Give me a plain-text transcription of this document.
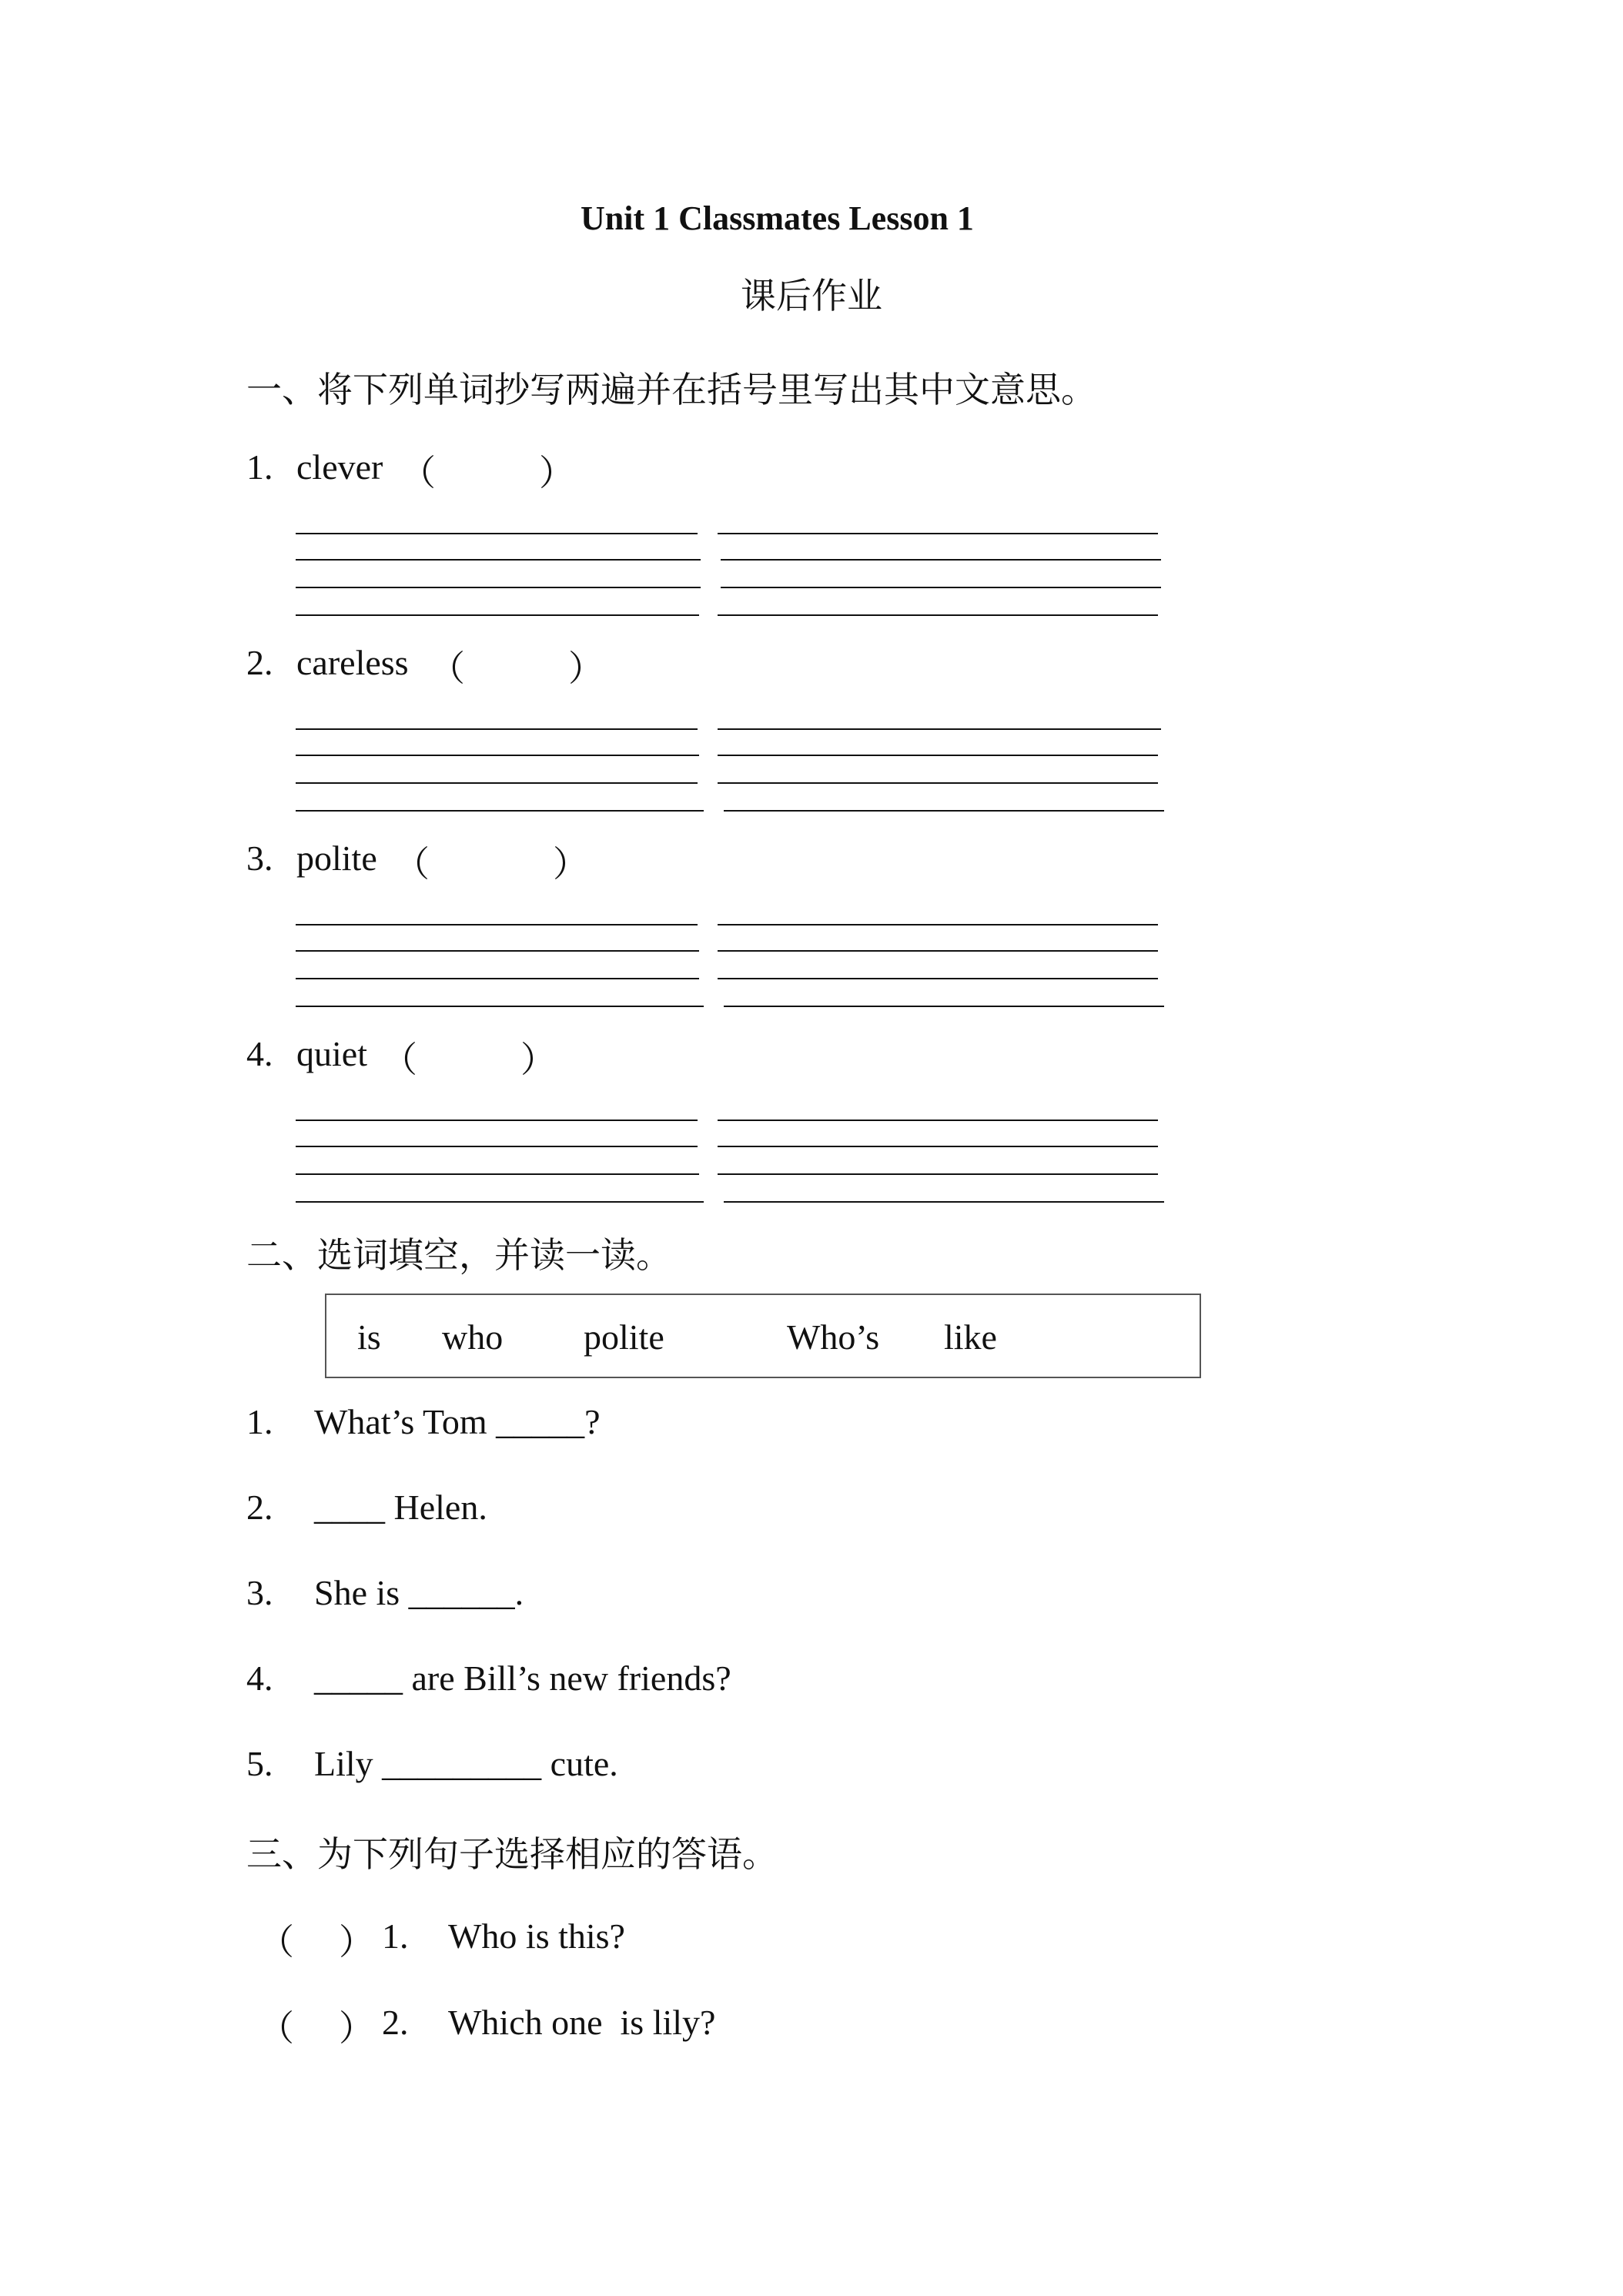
Unit 1 Classmates Lesson 1
课后作业
一、将下列单词抄写两遍并在括号里写出其中文意思。
1. clever （	）
2. careless （	）
3. polite （	）
4. quiet （	）
二、选词填空，并读一读。
is who polite	Who’s like
1. What’s Tom _____?
2. ____ Helen.
3. She is ______.
4. _____ are Bill’s new friends?
5. Lily _________ cute.
三、为下列句子选择相应的答语。
（ ） 1. Who is this?
（ ） 2. Which one  is lily?
